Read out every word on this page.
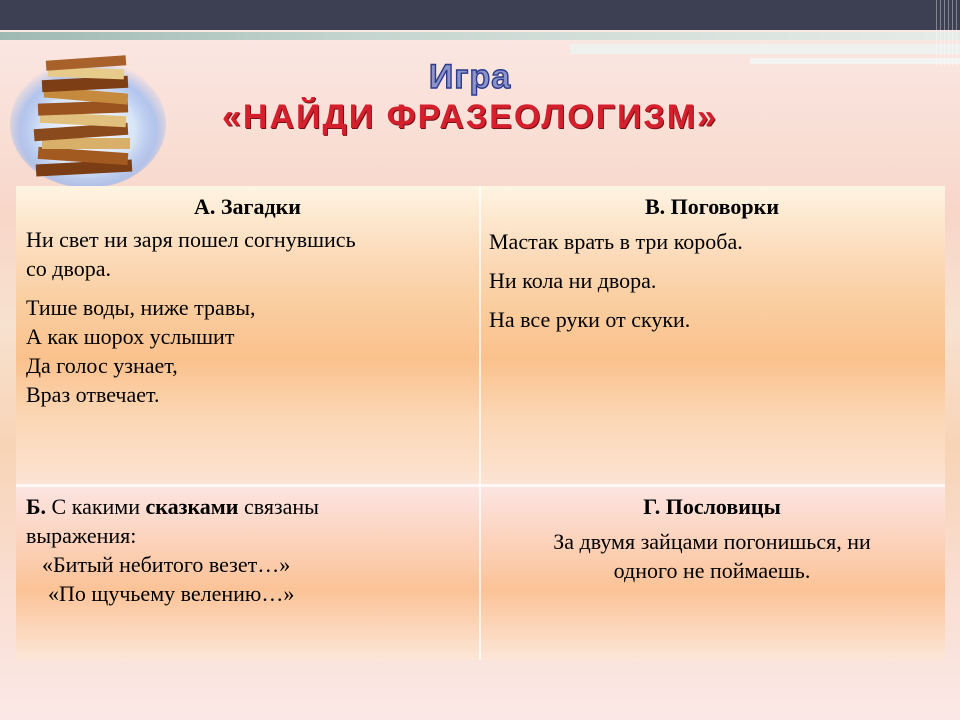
Игра
«НАЙДИ ФРАЗЕОЛОГИЗМ»
А. Загадки
Ни свет ни заря пошел согнувшись
со двора.
Тише воды, ниже травы,
А как шорох услышит
Да голос узнает,
Враз отвечает.
В. Поговорки
Мастак врать в три короба.
Ни кола ни двора.
На все руки от скуки.
Б. С какими сказками связаны
выражения:
«Битый небитого везет…»
«По щучьему велению…»
Г. Пословицы
За двумя зайцами погонишься, ни
одного не поймаешь.
